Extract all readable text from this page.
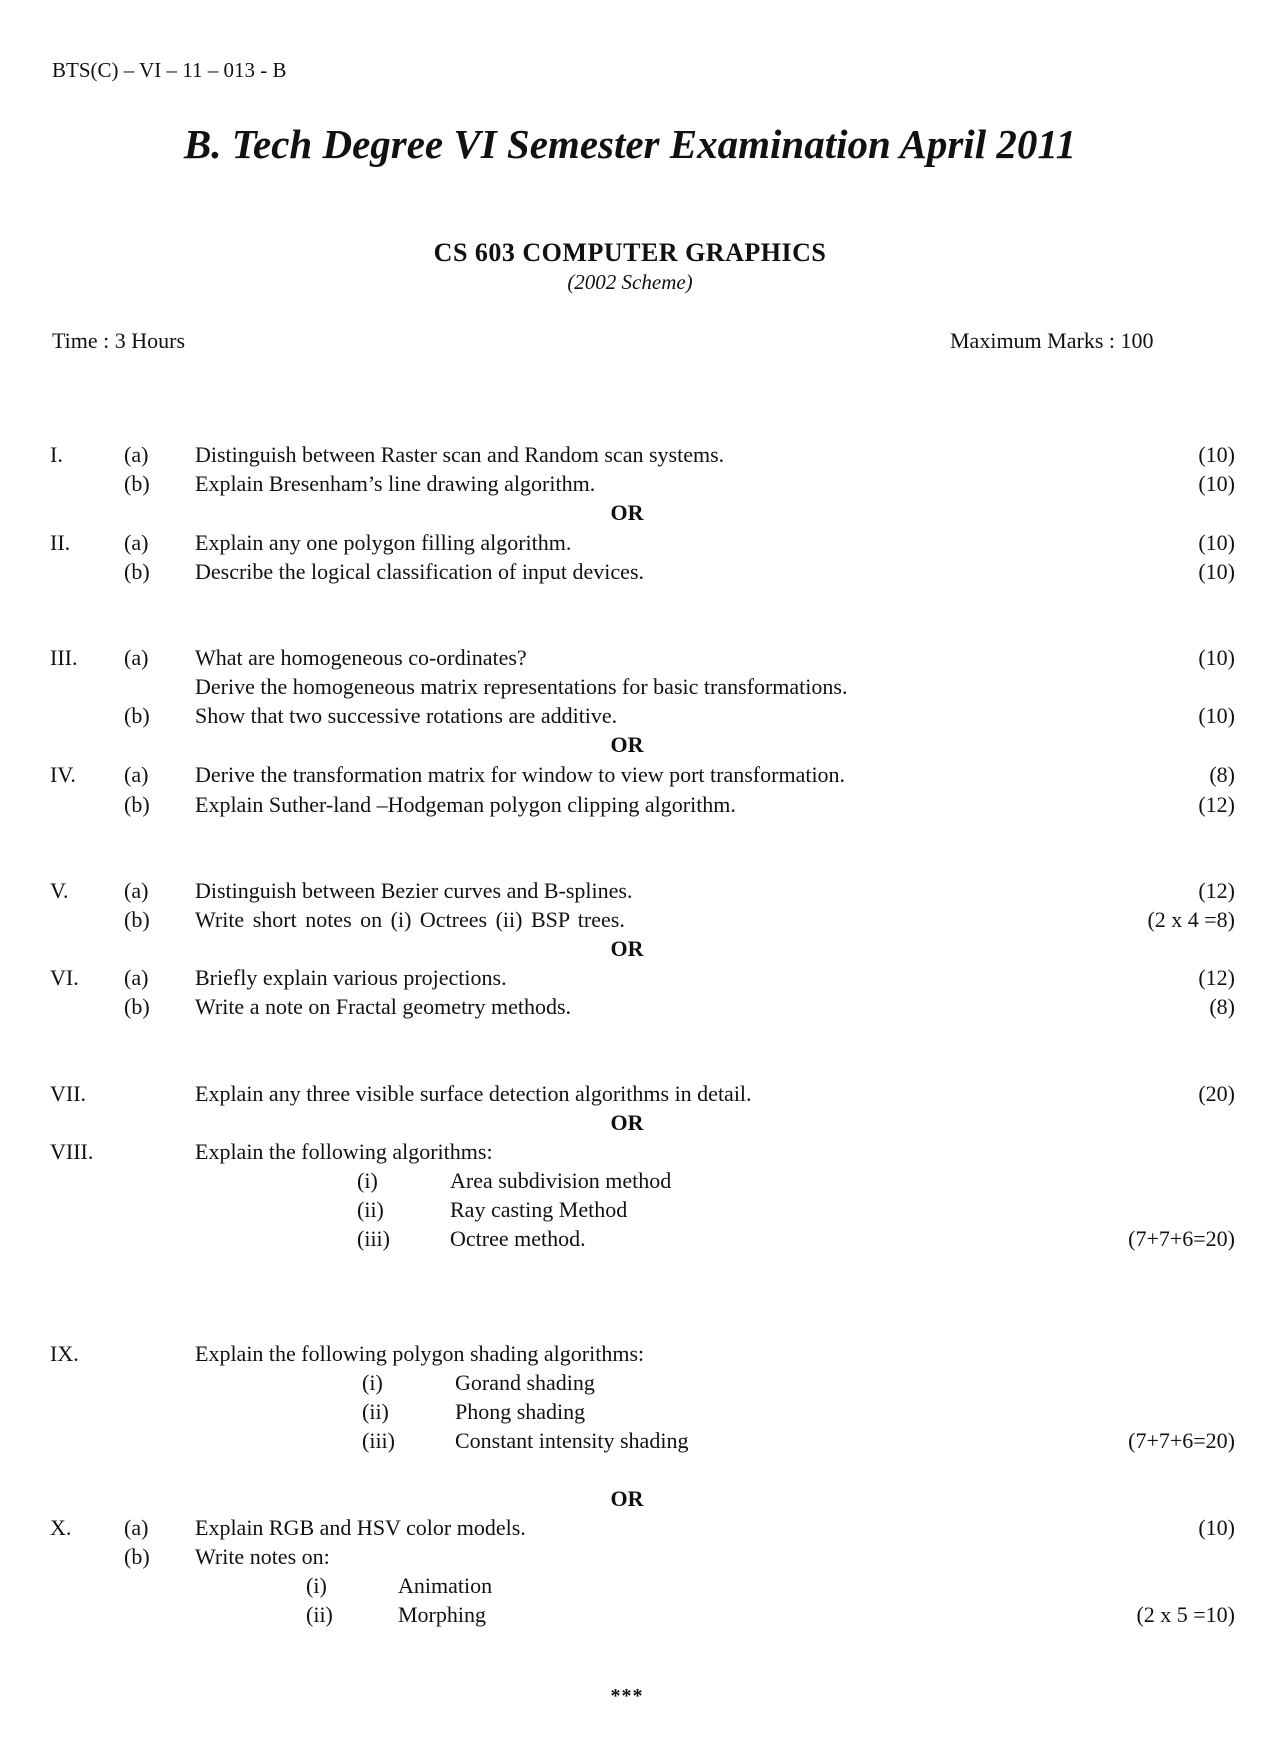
BTS(C) – VI – 11 – 013 - B
B. Tech Degree VI Semester Examination April 2011
CS 603 COMPUTER GRAPHICS
(2002 Scheme)
Time : 3 Hours	Maximum Marks : 100
I.	(a) Distinguish between Raster scan and Random scan systems.	(10)
(b) Explain Bresenham’s line drawing algorithm.	(10)
OR
II. (a) Explain any one polygon filling algorithm.	(10)
(b) Describe the logical classification of input devices.	(10)
III. (a) What are homogeneous co-ordinates?	(10)
Derive the homogeneous matrix representations for basic transformations.
(b) Show that two successive rotations are additive.	(10)
OR
IV. (a) Derive the transformation matrix for window to view port transformation.	(8)
(b) Explain Suther-land –Hodgeman polygon clipping algorithm.	(12)
V.	(a) Distinguish between Bezier curves and B-splines.	(12)
(b) Write short notes on (i) Octrees (ii) BSP trees.	(2 x 4 =8)
OR
VI. (a) Briefly explain various projections.	(12)
(b) Write a note on Fractal geometry methods.	(8)
VII.	Explain any three visible surface detection algorithms in detail.	(20)
OR
VIII.	Explain the following algorithms:
(i)	Area subdivision method
(ii)	Ray casting Method
(iii)	Octree method.	(7+7+6=20)
IX.	Explain the following polygon shading algorithms:
(i)	Gorand shading
(ii)	Phong shading
(iii)	Constant intensity shading	(7+7+6=20)
OR
X. (a) Explain RGB and HSV color models.	(10)
(b) Write notes on:
(i)	Animation
(ii)	Morphing	(2 x 5 =10)
***
